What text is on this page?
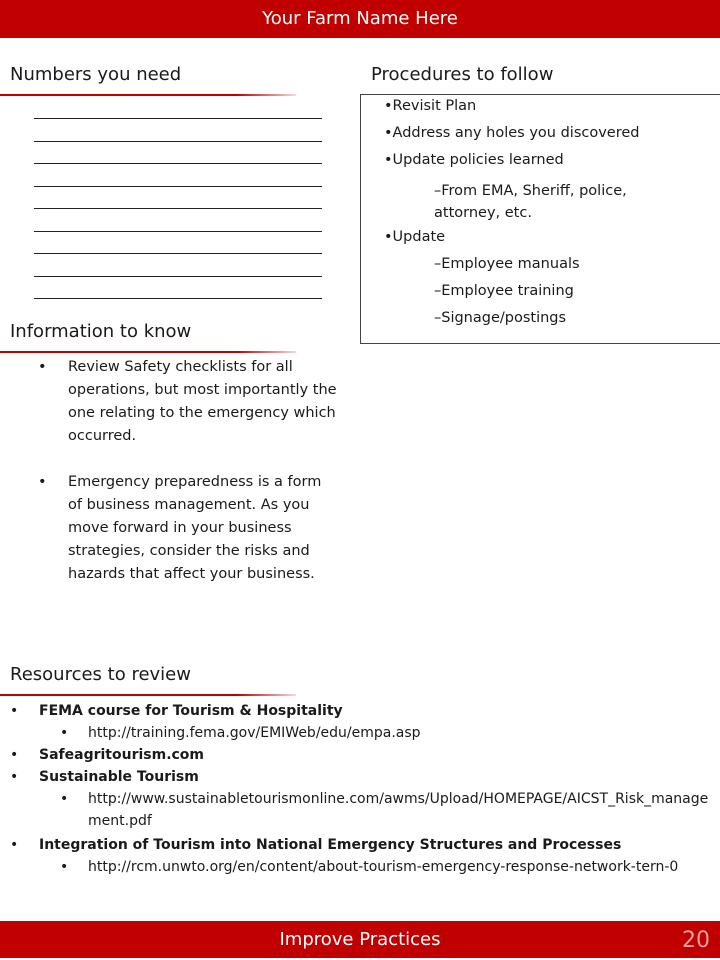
Your Farm Name Here
Numbers you need	Procedures to follow
•Revisit Plan
•Address any holes you discovered
•Update policies learned
–From EMA, Sheriff, police, attorney, etc.
•Update
–Employee manuals
–Employee training
–Signage/postings
Information to know
• Review Safety checklists for all operations, but most importantly the one relating to the emergency which occurred.
• Emergency preparedness is a form of business management. As you move forward in your business strategies, consider the risks and hazards that affect your business.
Resources to review
• FEMA course for Tourism & Hospitality
• http://training.fema.gov/EMIWeb/edu/empa.asp
• Safeagritourism.com
• Sustainable Tourism
• http://www.sustainabletourismonline.com/awms/Upload/HOMEPAGE/AICST_Risk_management.pdf
• Integration of Tourism into National Emergency Structures and Processes
• http://rcm.unwto.org/en/content/about-tourism-emergency-response-network-tern-0
Improve Practices	20
